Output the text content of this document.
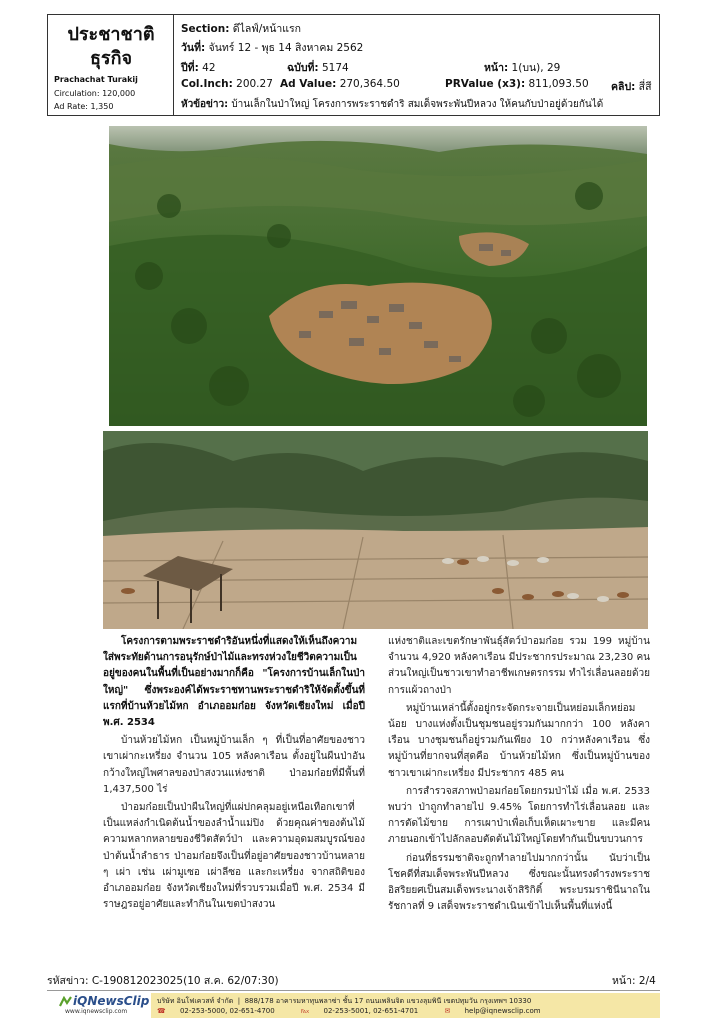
ประชาชาติ ธุรกิจ
Prachachat Turakij
Circulation: 120,000
Ad Rate: 1,350
Section: ดีไลฟ์/หน้าแรก
วันที่: จันทร์ 12 - พุธ 14 สิงหาคม 2562
ปีที่: 42	ฉบับที่: 5174	หน้า: 1(บน), 29
Col.Inch: 200.27 Ad Value: 270,364.50	PRValue (x3): 811,093.50 คลิป: สี่สี
หัวข้อข่าว: บ้านเล็กในป่าใหญ่ โครงการพระราชดำริ สมเด็จพระพันปีหลวง ให้คนกับป่าอยู่ด้วยกันได้

โครงการตามพระราชดำริอันหนึ่งที่แสดงให้เห็นถึงความใส่พระทัยด้านการอนุรักษ์ป่าไม้และทรงห่วงใยชีวิตความเป็นอยู่ของคนในพื้นที่เป็นอย่างมากก็คือ "โครงการบ้านเล็กในป่าใหญ่" ซึ่งพระองค์ได้พระราชทานพระราชดำริให้จัดตั้งขึ้นที่แรกที่บ้านห้วยไม้หก อำเภออมก๋อย จังหวัดเชียงใหม่ เมื่อปี พ.ศ. 2534

บ้านห้วยไม้หก เป็นหมู่บ้านเล็ก ๆ ที่เป็นที่อาศัยของชาวเขาเผ่ากะเหรี่ยง จำนวน 105 หลังคาเรือน ตั้งอยู่ในผืนป่าอันกว้างใหญ่ไพศาลของป่าสงวนแห่งชาติ ป่าอมก๋อยที่มีพื้นที่ 1,437,500 ไร่

ป่าอมก๋อยเป็นป่าผืนใหญ่ที่แผ่ปกคลุมอยู่เหนือเทือกเขาที่เป็นแหล่งกำเนิดต้นน้ำของลำน้ำแม่ปิง ด้วยคุณค่าของต้นไม้ความหลากหลายของชีวิตสัตว์ป่า และความอุดมสมบูรณ์ของป่าต้นน้ำลำธาร ป่าอมก๋อยจึงเป็นที่อยู่อาศัยของชาวบ้านหลาย ๆ เผ่า เช่น เผ่ามูเซอ เผ่าลีซอ และกะเหรี่ยง จากสถิติของอำเภออมก๋อย จังหวัดเชียงใหม่ที่รวบรวมเมื่อปี พ.ศ. 2534 มีราษฎรอยู่อาศัยและทำกินในเขตป่าสงวน

แห่งชาติและเขตรักษาพันธุ์สัตว์ป่าอมก๋อย รวม 199 หมู่บ้าน จำนวน 4,920 หลังคาเรือน มีประชากรประมาณ 23,230 คน ส่วนใหญ่เป็นชาวเขาทำอาชีพเกษตรกรรม ทำไร่เลื่อนลอยด้วยการแผ้วถางป่า

หมู่บ้านเหล่านี้ตั้งอยู่กระจัดกระจายเป็นหย่อมเล็กหย่อมน้อย บางแห่งตั้งเป็นชุมชนอยู่รวมกันมากกว่า 100 หลังคาเรือน บางชุมชนก็อยู่รวมกันเพียง 10 กว่าหลังคาเรือน ซึ่งหมู่บ้านที่ยากจนที่สุดคือ บ้านห้วยไม้หก ซึ่งเป็นหมู่บ้านของชาวเขาเผ่ากะเหรี่ยง มีประชากร 485 คน

การสำรวจสภาพป่าอมก๋อยโดยกรมป่าไม้ เมื่อ พ.ศ. 2533 พบว่า ป่าถูกทำลายไป 9.45% โดยการทำไร่เลื่อนลอย และการตัดไม้ขาย การเผาป่าเพื่อเก็บเห็ดเผาะขาย และมีคนภายนอกเข้าไปลักลอบตัดต้นไม้ใหญ่โดยทำกันเป็นขบวนการ

ก่อนที่ธรรมชาติจะถูกทำลายไปมากกว่านั้น นับว่าเป็นโชคดีที่สมเด็จพระพันปีหลวง ซึ่งขณะนั้นทรงดำรงพระราชอิสริยยศเป็นสมเด็จพระนางเจ้าสิริกิติ์ พระบรมราชินีนาถในรัชกาลที่ 9 เสด็จพระราชดำเนินเข้าไปเห็นพื้นที่แห่งนี้

รหัสข่าว: C-190812023025(10 ส.ค. 62/07:30)	หน้า: 2/4
iQNewsClip
www.iqnewsclip.com
บริษัท อินโฟเควสท์ จำกัด  |  888/178 อาคารมหาทุนพลาซ่า ชั้น 17 ถนนเพลินจิต แขวงลุมพินี เขตปทุมวัน กรุงเทพฯ 10330
☎ 02-253-5000, 02-651-4700	℻ 02-253-5001, 02-651-4701	✉ help@iqnewsclip.com
